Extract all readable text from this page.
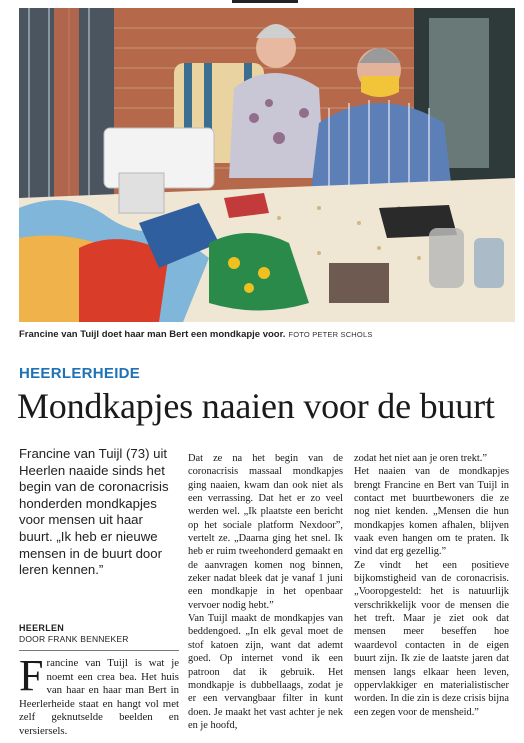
Francine van Tuijl doet haar man Bert een mondkapje voor. FOTO PETER SCHOLS
HEERLERHEIDE
Mondkapjes naaien voor de buurt
Francine van Tuijl (73) uit Heerlen naaide sinds het begin van de coronacrisis honderden mondkapjes voor mensen uit haar buurt. „Ik heb er nieuwe mensen in de buurt door leren kennen.”
HEERLEN
DOOR FRANK BENNEKER
Francine van Tuijl is wat je noemt een crea bea. Het huis van haar en haar man Bert in Heerlerheide staat en hangt vol met zelf geknutselde beelden en versiersels.

Dat ze na het begin van de coronacrisis massaal mondkapjes ging naaien, kwam dan ook niet als een verrassing. Dat het er zo veel werden wel. „Ik plaatste een bericht op het sociale platform Nexdoor”, vertelt ze. „Daarna ging het snel. Ik heb er ruim tweehonderd gemaakt en de aanvragen komen nog binnen, zeker nadat bleek dat je vanaf 1 juni een mondkapje in het openbaar vervoer nodig hebt.”

Van Tuijl maakt de mondkapjes van beddengoed. „In elk geval moet de stof katoen zijn, want dat ademt goed. Op internet vond ik een patroon dat ik gebruik. Het mondkapje is dubbellaags, zodat je er een vervangbaar filter in kunt doen. Je maakt het vast achter je nek en je hoofd,

zodat het niet aan je oren trekt.”

Het naaien van de mondkapjes brengt Francine en Bert van Tuijl in contact met buurtbewoners die ze nog niet kenden. „Mensen die hun mondkapjes komen afhalen, blijven vaak even hangen om te praten. Ik vind dat erg gezellig.”

Ze vindt het een positieve bijkomstigheid van de coronacrisis. „Vooropgesteld: het is natuurlijk verschrikkelijk voor de mensen die het treft. Maar je ziet ook dat mensen meer beseffen hoe waardevol contacten in de eigen buurt zijn. Ik zie de laatste jaren dat mensen langs elkaar heen leven, oppervlakkiger en materialistischer worden. In die zin is deze crisis bijna een zegen voor de mensheid.”
